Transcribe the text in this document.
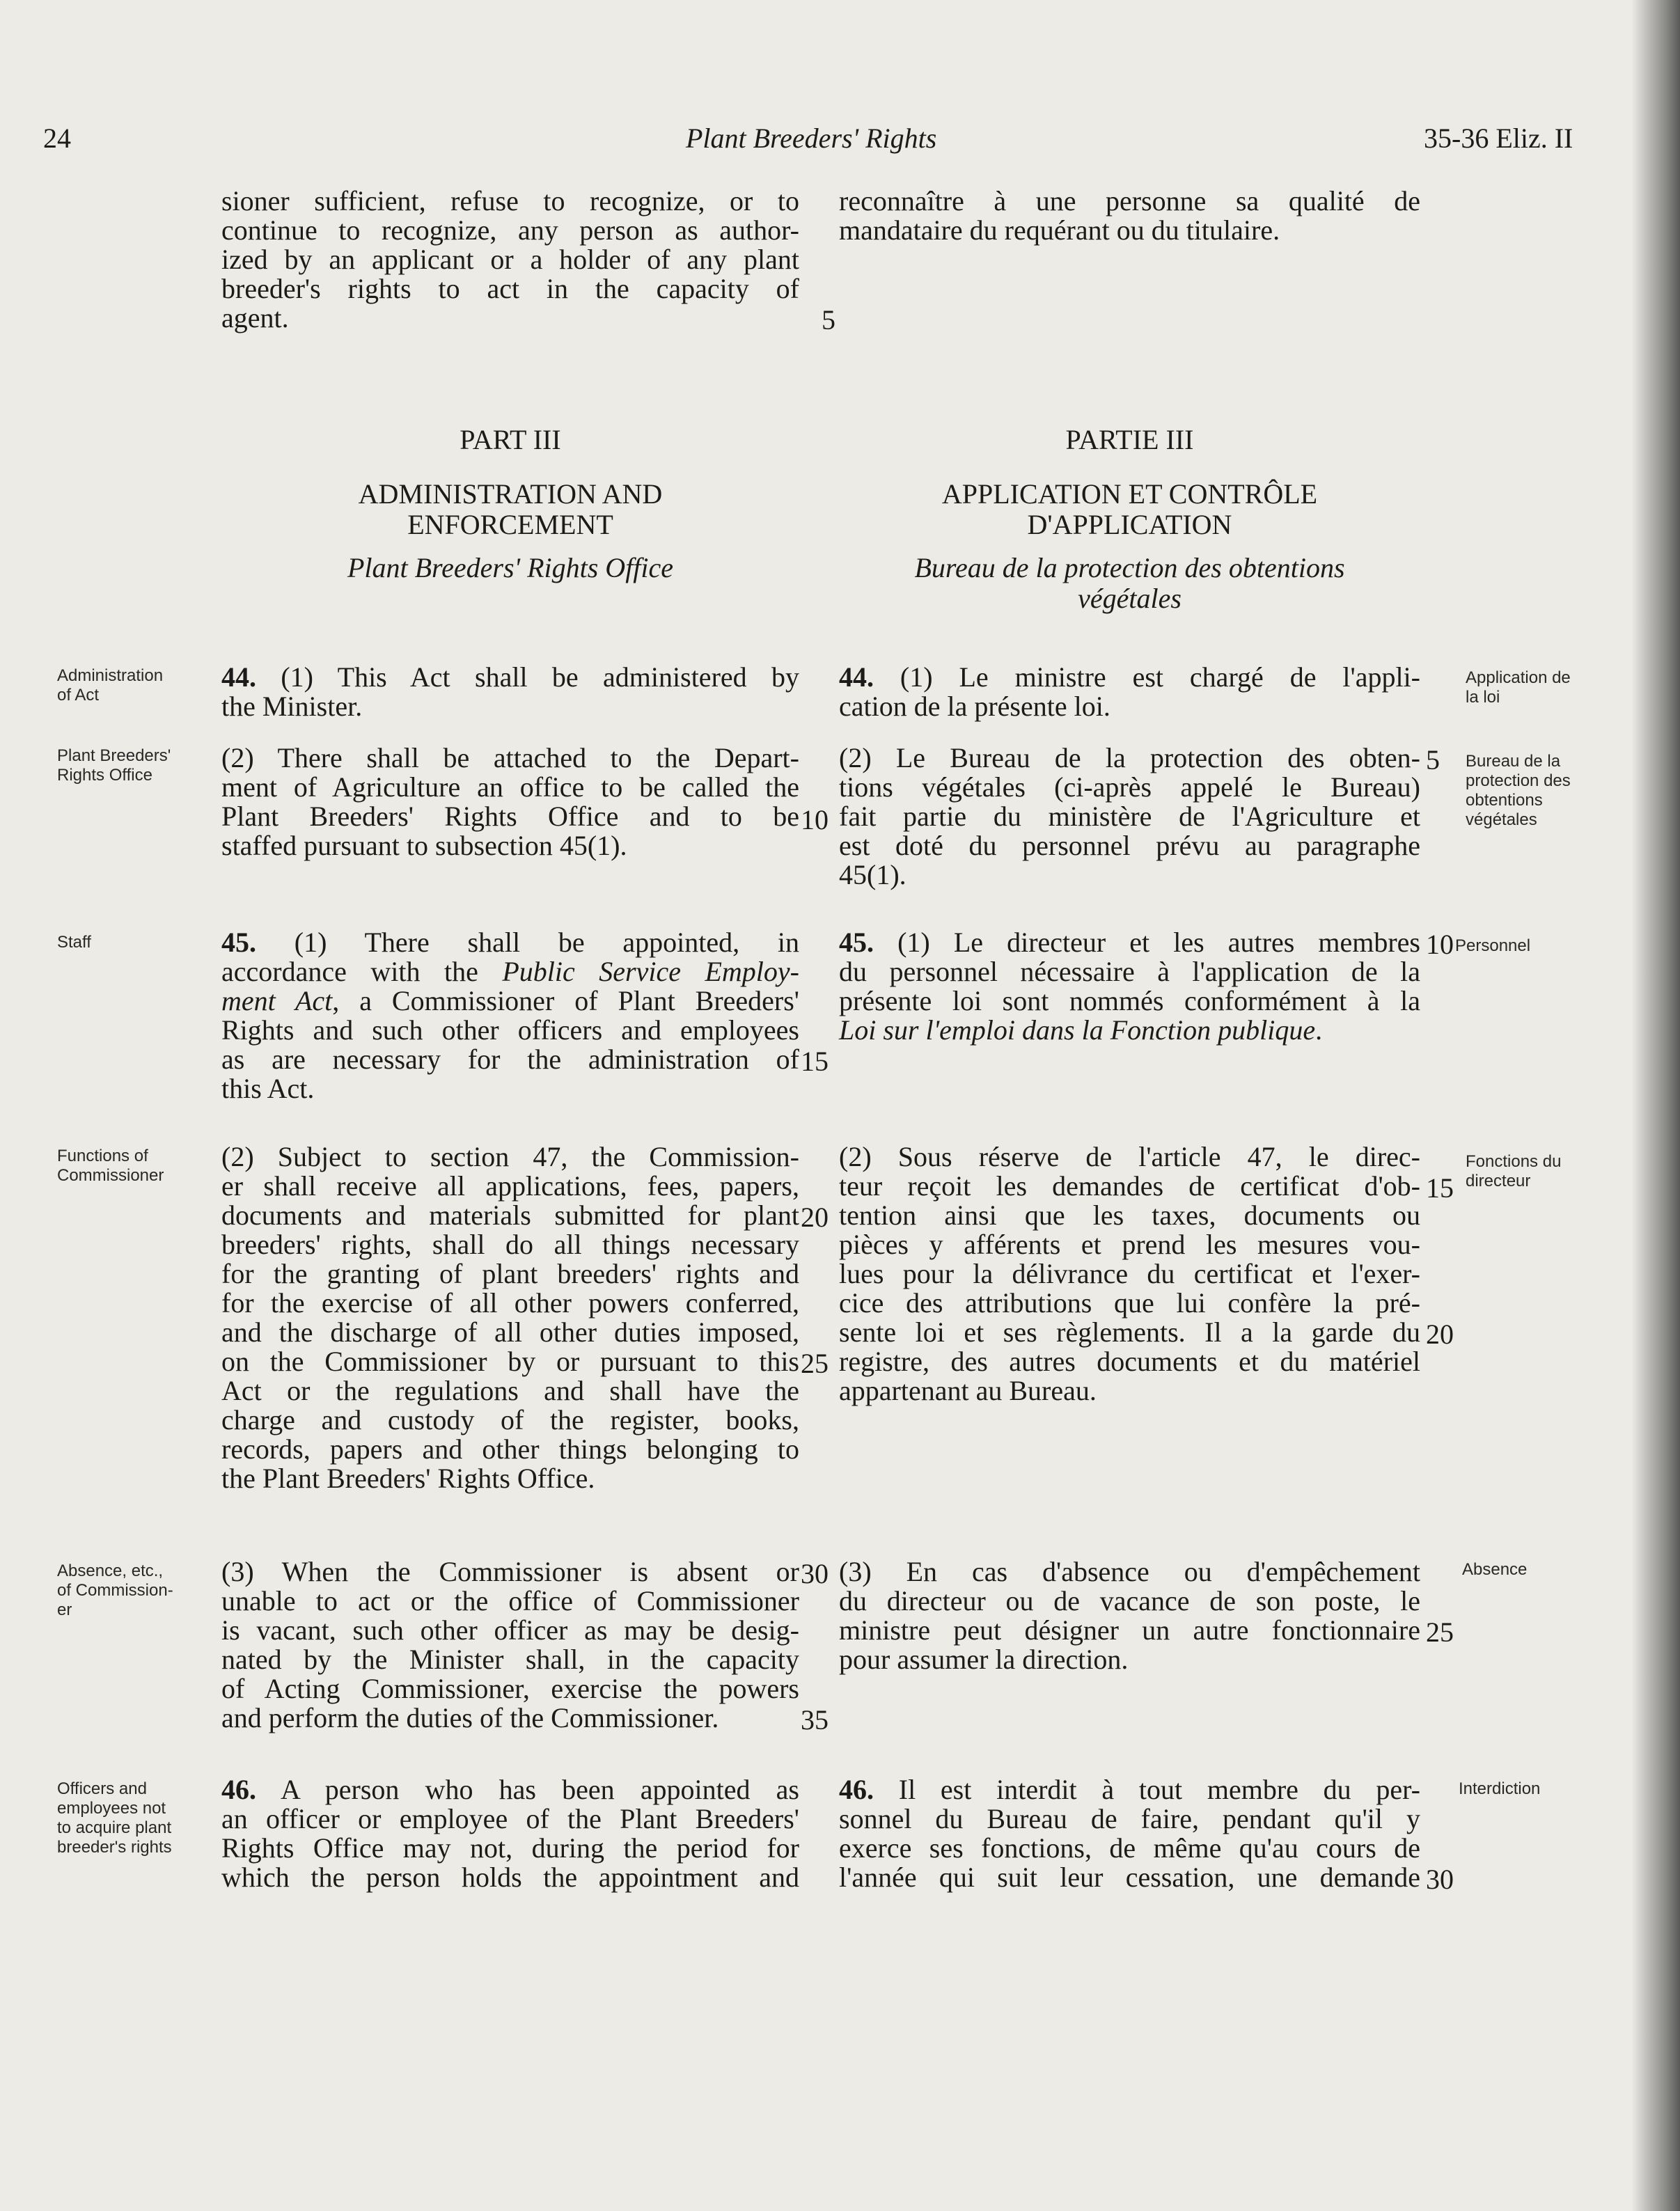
24	Plant Breeders' Rights	35-36 Eliz. II
sioner sufficient, refuse to recognize, or to
continue to recognize, any person as author-
ized by an applicant or a holder of any plant
breeder's rights to act in the capacity of
agent.
reconnaître à une personne sa qualité de
mandataire du requérant ou du titulaire.
PART III
ADMINISTRATION AND
ENFORCEMENT
Plant Breeders' Rights Office
PARTIE III
APPLICATION ET CONTRÔLE
D'APPLICATION
Bureau de la protection des obtentions
végétales
Administration
of Act
Plant Breeders'
Rights Office
Staff
Functions of
Commissioner
Absence, etc.,
of Commission-
er
Officers and
employees not
to acquire plant
breeder's rights
Application de
la loi
Bureau de la
protection des
obtentions
végétales
Personnel
Fonctions du
directeur
Absence
Interdiction
44. (1) This Act shall be administered by
the Minister.
(2) There shall be attached to the Depart-
ment of Agriculture an office to be called the
Plant Breeders' Rights Office and to be
staffed pursuant to subsection 45(1).
44. (1) Le ministre est chargé de l'appli-
cation de la présente loi.
(2) Le Bureau de la protection des obten-
tions végétales (ci-après appelé le Bureau)
fait partie du ministère de l'Agriculture et
est doté du personnel prévu au paragraphe
45(1).
45. (1) There shall be appointed, in
accordance with the Public Service Employ-
ment Act, a Commissioner of Plant Breeders'
Rights and such other officers and employees
as are necessary for the administration of
this Act.
45. (1) Le directeur et les autres membres
du personnel nécessaire à l'application de la
présente loi sont nommés conformément à la
Loi sur l'emploi dans la Fonction publique.
(2) Subject to section 47, the Commission-
er shall receive all applications, fees, papers,
documents and materials submitted for plant
breeders' rights, shall do all things necessary
for the granting of plant breeders' rights and
for the exercise of all other powers conferred,
and the discharge of all other duties imposed,
on the Commissioner by or pursuant to this
Act or the regulations and shall have the
charge and custody of the register, books,
records, papers and other things belonging to
the Plant Breeders' Rights Office.
(2) Sous réserve de l'article 47, le direc-
teur reçoit les demandes de certificat d'ob-
tention ainsi que les taxes, documents ou
pièces y afférents et prend les mesures vou-
lues pour la délivrance du certificat et l'exer-
cice des attributions que lui confère la pré-
sente loi et ses règlements. Il a la garde du
registre, des autres documents et du matériel
appartenant au Bureau.
(3) When the Commissioner is absent or
unable to act or the office of Commissioner
is vacant, such other officer as may be desig-
nated by the Minister shall, in the capacity
of Acting Commissioner, exercise the powers
and perform the duties of the Commissioner.
(3) En cas d'absence ou d'empêchement
du directeur ou de vacance de son poste, le
ministre peut désigner un autre fonctionnaire
pour assumer la direction.
46. A person who has been appointed as
an officer or employee of the Plant Breeders'
Rights Office may not, during the period for
which the person holds the appointment and
46. Il est interdit à tout membre du per-
sonnel du Bureau de faire, pendant qu'il y
exerce ses fonctions, de même qu'au cours de
l'année qui suit leur cessation, une demande
5
10
15
20
25
30
35
5
10
15
20
25
30
